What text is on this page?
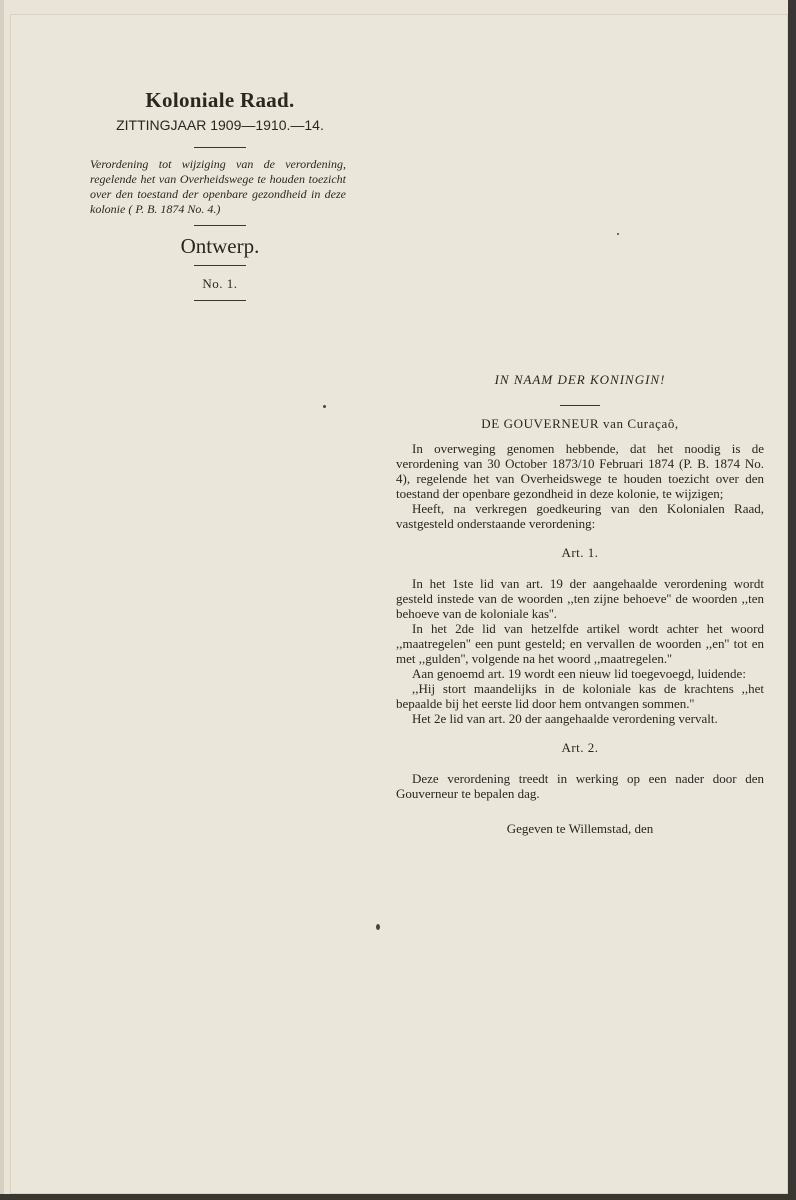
Koloniale Raad.
ZITTINGJAAR 1909—1910.—14.
Verordening tot wijziging van de verordening, regelende het van Overheidswege te houden toezicht over den toestand der openbare gezondheid in deze kolonie ( P. B. 1874 No. 4.)
Ontwerp.
No. 1.
IN NAAM DER KONINGIN!
DE GOUVERNEUR van Curaçaô,

In overweging genomen hebbende, dat het noodig is de verordening van 30 October 1873/10 Februari 1874 (P. B. 1874 No. 4), regelende het van Overheidswege te houden toezicht over den toestand der openbare gezondheid in deze kolonie, te wijzigen;

Heeft, na verkregen goedkeuring van den Kolonialen Raad, vastgesteld onderstaande verordening:

Art. 1.

In het 1ste lid van art. 19 der aangehaalde verordening wordt gesteld instede van de woorden ,,ten zijne behoeve'' de woorden ,,ten behoeve van de koloniale kas''.

In het 2de lid van hetzelfde artikel wordt achter het woord ,,maatregelen'' een punt gesteld; en vervallen de woorden ,,en'' tot en met ,,gulden'', volgende na het woord ,,maatregelen.''

Aan genoemd art. 19 wordt een nieuw lid toegevoegd, luidende:

,,Hij stort maandelijks in de koloniale kas de krachtens ,,het bepaalde bij het eerste lid door hem ontvangen sommen.''

Het 2e lid van art. 20 der aangehaalde verordening vervalt.

Art. 2.

Deze verordening treedt in werking op een nader door den Gouverneur te bepalen dag.

Gegeven te Willemstad, den
